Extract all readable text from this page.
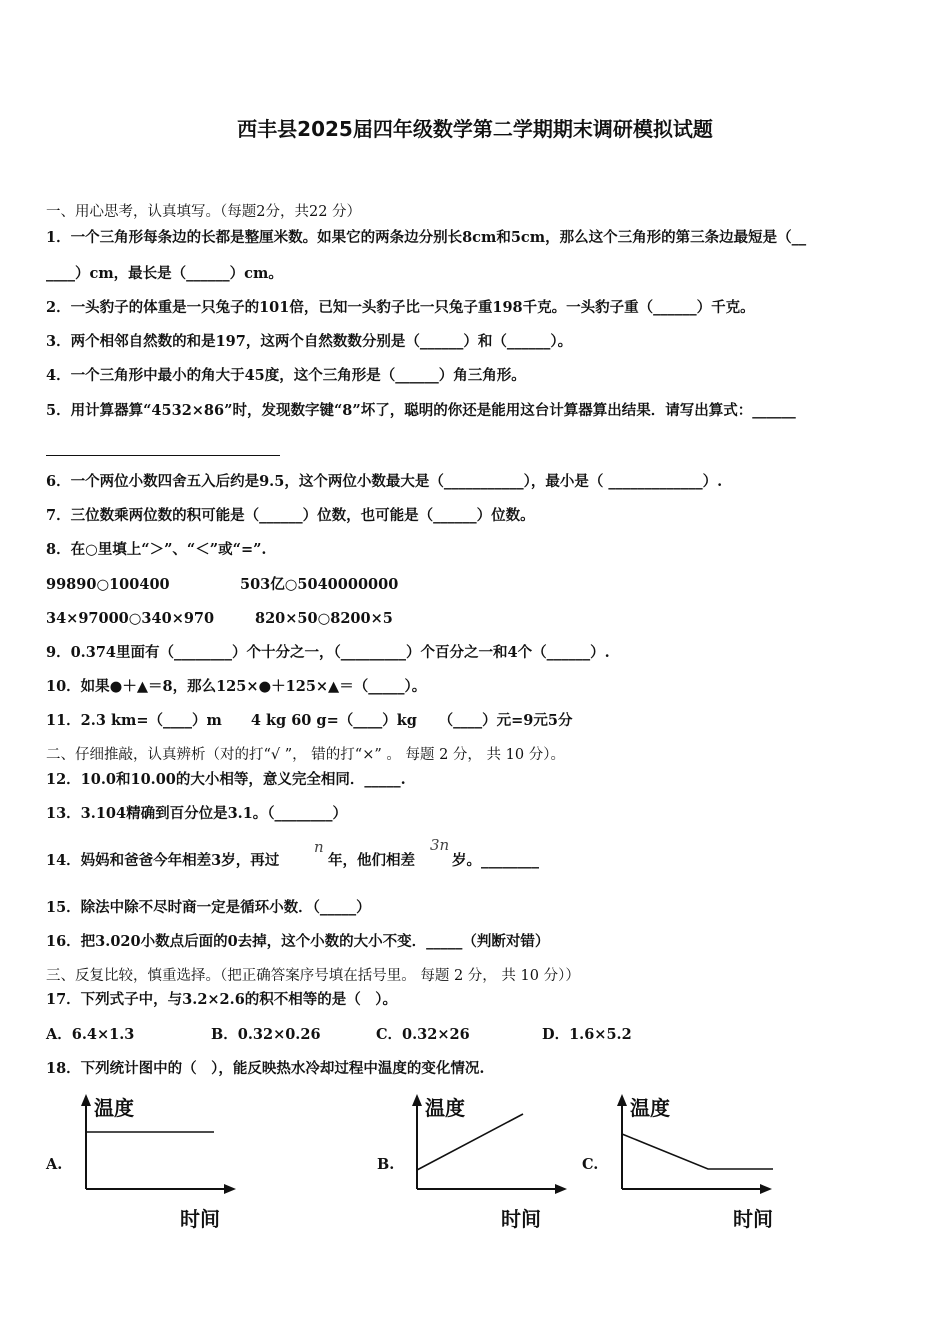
西丰县2025届四年级数学第二学期期末调研模拟试题
一、用心思考，认真填写。（每题2分，共22 分）
1．一个三角形每条边的长都是整厘米数。如果它的两条边分别长8cm和5cm，那么这个三角形的第三条边最短是（__
____）cm，最长是（______）cm。
2．一头豹子的体重是一只兔子的101倍，已知一头豹子比一只兔子重198千克。一头豹子重（______）千克。
3．两个相邻自然数的和是197，这两个自然数数分别是（______）和（______）。
4．一个三角形中最小的角大于45度，这个三角形是（______）角三角形。
5．用计算器算“4532×86”时，发现数字键“8”坏了，聪明的你还是能用这台计算器算出结果．请写出算式：______
6．一个两位小数四舍五入后约是9.5，这个两位小数最大是（___________），最小是（ _____________）.
7．三位数乘两位数的积可能是（______）位数，也可能是（______）位数。
8．在○里填上“＞”、“＜”或“=”.
99890○100400	503亿○5040000000
34×97000○340×970	820×50○8200×5
9．0.374里面有（________）个十分之一，（_________）个百分之一和4个（______）.
10．如果●＋▲＝8，那么125×●＋125×▲＝（_____）。
11．2.3 km=（____）m　　4 kg 60 g=（____）kg　　（____）元=9元5分
二、仔细推敲，认真辨析（对的打“√ ”， 错的打“×” 。 每题 2 分， 共 10 分）。
12．10.0和10.00的大小相等，意义完全相同．_____.
13．3.104精确到百分位是3.1。（________）
14．妈妈和爸爸今年相差3岁，再过
n
年，他们相差
3n
岁。________
15．除法中除不尽时商一定是循环小数．（_____）
16．把3.020小数点后面的0去掉，这个小数的大小不变．_____（判断对错）
三、反复比较，慎重选择。（把正确答案序号填在括号里。 每题 2 分， 共 10 分））
17．下列式子中，与3.2×2.6的积不相等的是（　）。
A．6.4×1.3	B．0.32×0.26	C．0.32×26	D．1.6×5.2
18．下列统计图中的（　），能反映热水冷却过程中温度的变化情况.
A.	B.	C.
温度
时间
温度
时间
温度
时间
